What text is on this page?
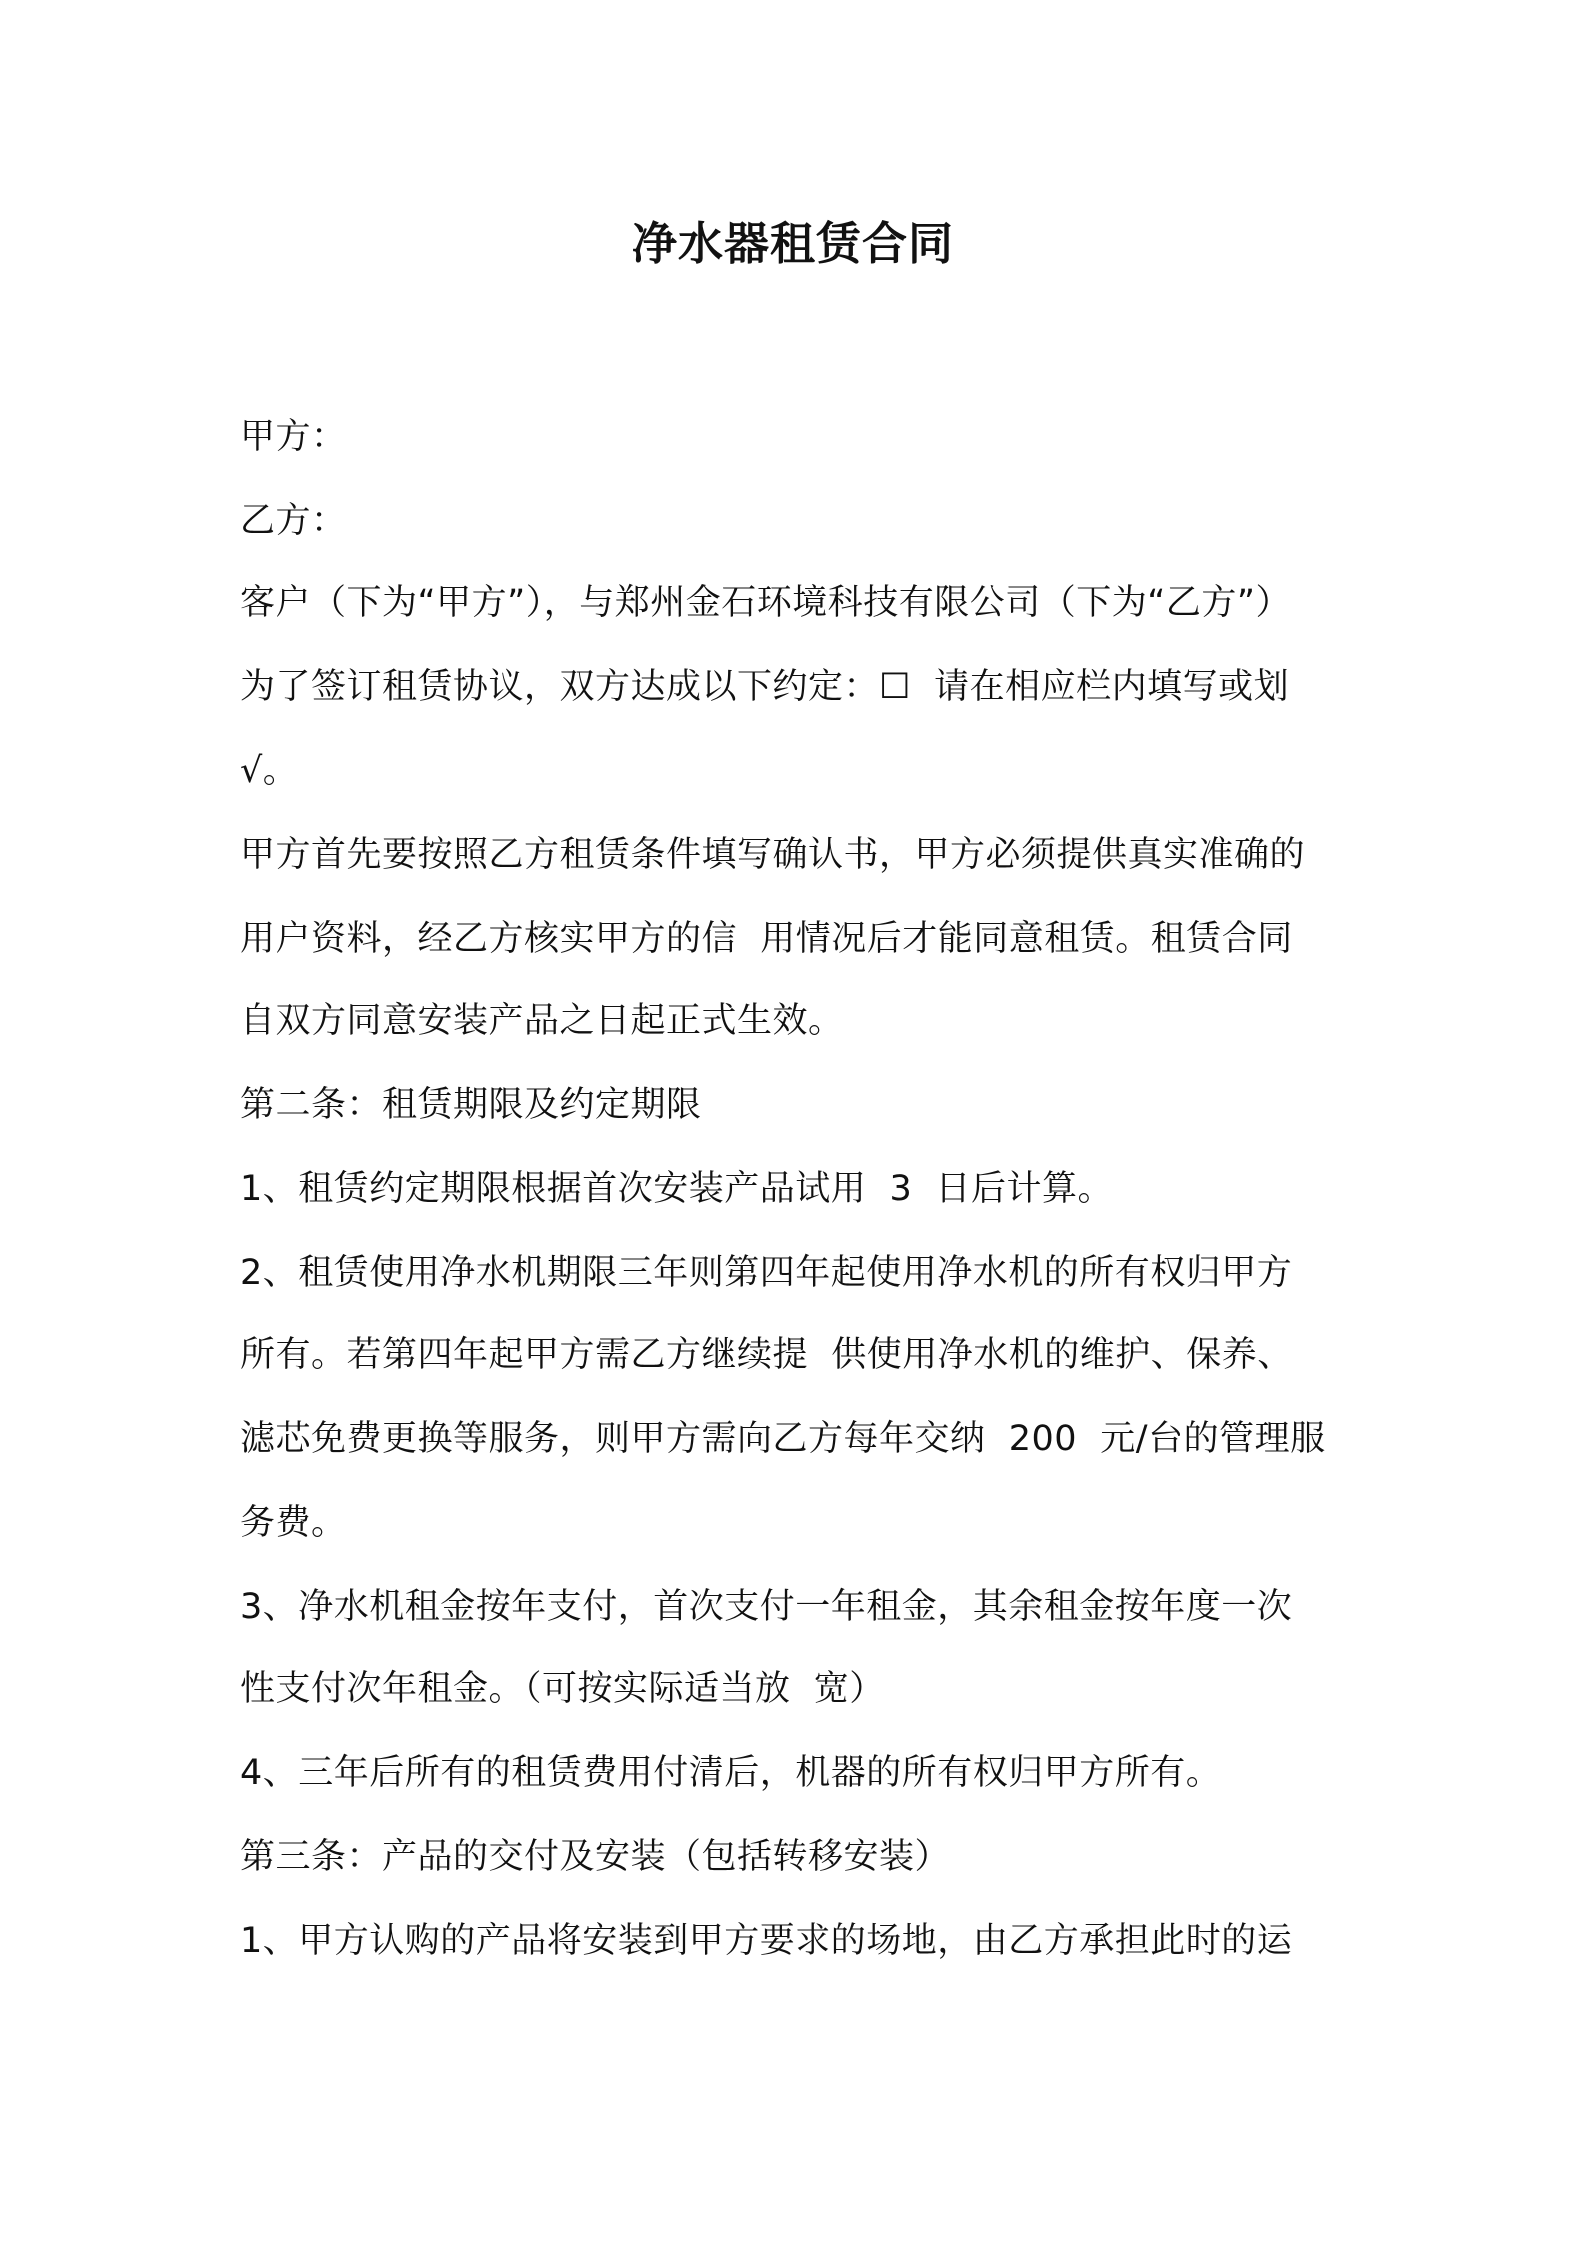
净水器租赁合同
甲方：
乙方：
客户（下为“甲方”），与郑州金石环境科技有限公司（下为“乙方”）
为了签订租赁协议，双方达成以下约定：☐  请在相应栏内填写或划
√。
甲方首先要按照乙方租赁条件填写确认书，甲方必须提供真实准确的
用户资料，经乙方核实甲方的信  用情况后才能同意租赁。租赁合同
自双方同意安装产品之日起正式生效。
第二条：租赁期限及约定期限
1、租赁约定期限根据首次安装产品试用  3  日后计算。
2、租赁使用净水机期限三年则第四年起使用净水机的所有权归甲方
所有。若第四年起甲方需乙方继续提  供使用净水机的维护、保养、
滤芯免费更换等服务，则甲方需向乙方每年交纳  200  元/台的管理服
务费。
3、净水机租金按年支付，首次支付一年租金，其余租金按年度一次
性支付次年租金。（可按实际适当放  宽）
4、三年后所有的租赁费用付清后，机器的所有权归甲方所有。
第三条：产品的交付及安装（包括转移安装）
1、甲方认购的产品将安装到甲方要求的场地，由乙方承担此时的运
